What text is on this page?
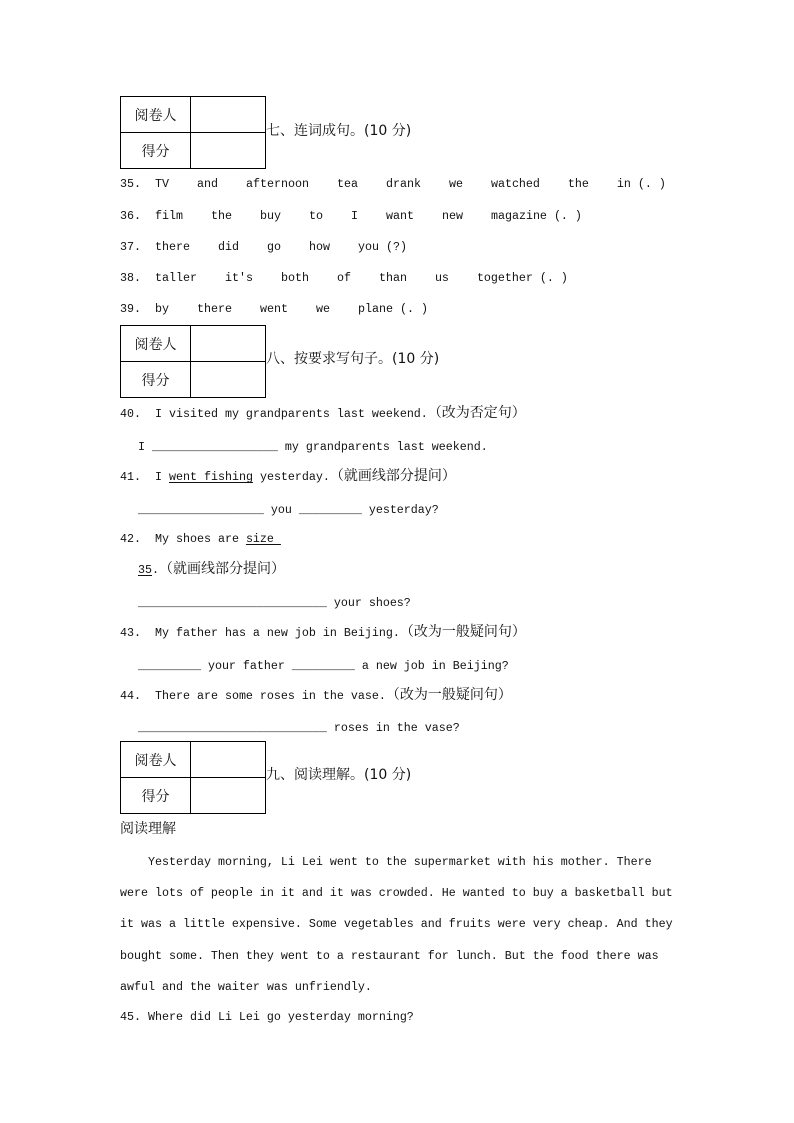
阅卷人
得分
七、连词成句。(10 分)
35.	TV and afternoon tea drank we watched the in (. )
36.	film the buy to I want new magazine (. )
37.	there did go how you (?)
38.	taller it's both of than us together (. )
39.	by there went we plane (. )
阅卷人
得分
八、按要求写句子。(10 分)
40.	I visited my grandparents last weekend. （改为否定句）
I __________________ my grandparents last weekend.
41.	I went fishing yesterday. （就画线部分提问）
__________________ you _________ yesterday?
42.	My shoes are size
35 . （就画线部分提问）
___________________________ your shoes?
43.	My father has a new job in Beijing. （改为一般疑问句）
_________ your father _________ a new job in Beijing?
44.	There are some roses in the vase. （改为一般疑问句）
___________________________ roses in the vase?
阅卷人
得分
九、阅读理解。(10 分)
阅读理解
Yesterday morning, Li Lei went to the supermarket with his mother. There
were lots of people in it and it was crowded. He wanted to buy a basketball but
it was a little expensive. Some vegetables and fruits were very cheap. And they
bought some. Then they went to a restaurant for lunch. But the food there was
awful and the waiter was unfriendly.
45. Where did Li Lei go yesterday morning?
